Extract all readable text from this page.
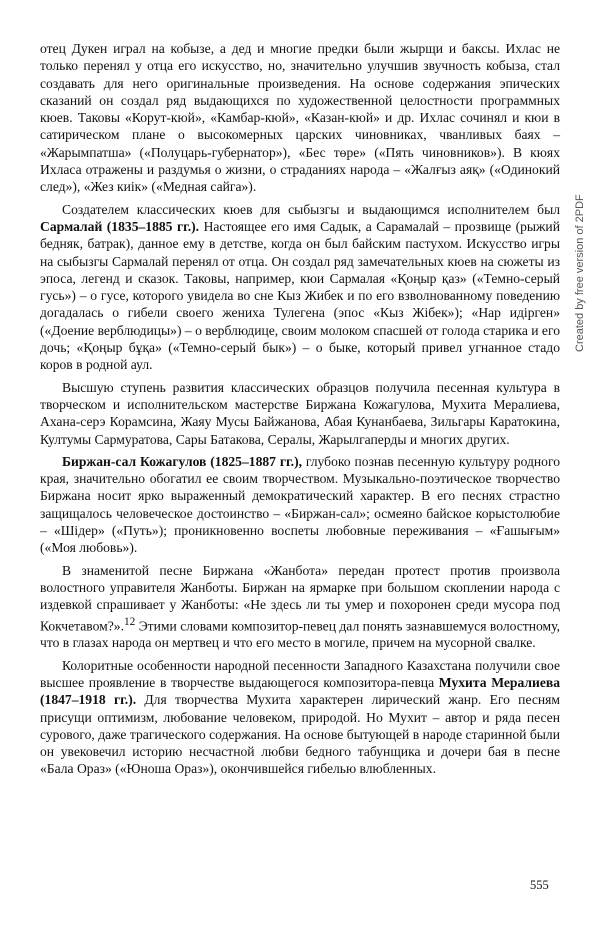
отец Дукен играл на кобызе, а дед и многие предки были жырщи и баксы. Ихлас не только перенял у отца его искусство, но, значительно улучшив звучность кобыза, стал создавать для него оригинальные произведения. На основе содержания эпических сказаний он создал ряд выдающихся по художественной целостности программных кюев. Таковы «Корут-кюй», «Камбар-кюй», «Казан-кюй» и др. Ихлас сочинял и кюи в сатирическом плане о высокомерных царских чиновниках, чванливых баях – «Жарымпатша» («Полуцарь-губернатор»), «Бес төре» («Пять чиновников»). В кюях Ихласа отражены и раздумья о жизни, о страданиях народа – «Жалғыз аяқ» («Одинокий след»), «Жез киік» («Медная сайга»).

Создателем классических кюев для сыбызгы и выдающимся исполнителем был Сармалай (1835–1885 гг.). Настоящее его имя Садык, а Сарамалай – прозвище (рыжий бедняк, батрак), данное ему в детстве, когда он был байским пастухом. Искусство игры на сыбызгы Сармалай перенял от отца. Он создал ряд замечательных кюев на сюжеты из эпоса, легенд и сказок. Таковы, например, кюи Сармалая «Қоңыр қаз» («Темно-серый гусь») – о гусе, которого увидела во сне Кыз Жибек и по его взволнованному поведению догадалась о гибели своего жениха Тулегена (эпос «Кыз Жібек»); «Нар идірген» («Доение верблюдицы») – о верблюдице, своим молоком спасшей от голода старика и его дочь; «Қоңыр бұқа» («Темно-серый бык») – о быке, который привел угнанное стадо коров в родной аул.

Высшую ступень развития классических образцов получила песенная культура в творческом и исполнительском мастерстве Биржана Кожагулова, Мухита Мералиева, Ахана-серэ Корамсина, Жаяу Мусы Байжанова, Абая Кунанбаева, Зильгары Каратокина, Култумы Сармуратова, Сары Батакова, Сералы, Жарылгаперды и многих других.

Биржан-сал Кожагулов (1825–1887 гг.), глубоко познав песенную культуру родного края, значительно обогатил ее своим творчеством. Музыкально-поэтическое творчество Биржана носит ярко выраженный демократический характер. В его песнях страстно защищалось человеческое достоинство – «Биржан-сал»; осмеяно байское корыстолюбие – «Шідер» («Путь»); проникновенно воспеты любовные переживания – «Ғашығым» («Моя любовь»).

В знаменитой песне Биржана «Жанбота» передан протест против произвола волостного управителя Жанботы. Биржан на ярмарке при большом скоплении народа с издевкой спрашивает у Жанботы: «Не здесь ли ты умер и похоронен среди мусора под Кокчетавом?».$^{12}$ Этими словами композитор-певец дал понять зазнавшемуся волостному, что в глазах народа он мертвец и что его место в могиле, причем на мусорной свалке.

Колоритные особенности народной песенности Западного Казахстана получили свое высшее проявление в творчестве выдающегося композитора-певца Мухита Мералиева (1847–1918 гг.). Для творчества Мухита характерен лирический жанр. Его песням присущи оптимизм, любование человеком, природой. Но Мухит – автор и ряда песен сурового, даже трагического содержания. На основе бытующей в народе старинной были он увековечил историю несчастной любви бедного табунщика и дочери бая в песне «Бала Ораз» («Юноша Ораз»), окончившейся гибелью влюбленных.

Created by free version of 2PDF
555
